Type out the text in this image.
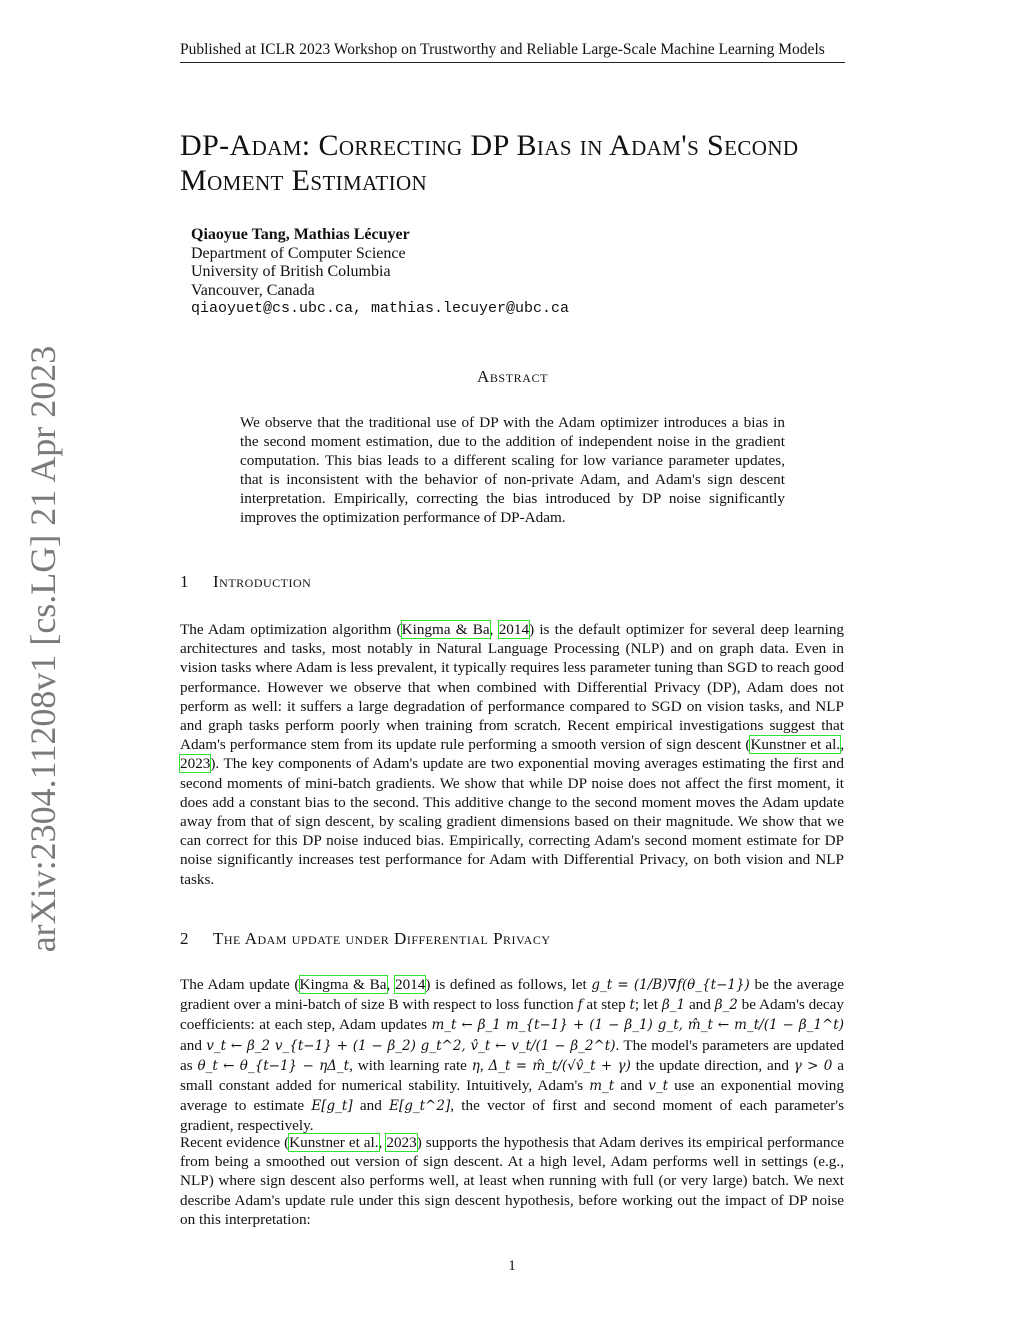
Published at ICLR 2023 Workshop on Trustworthy and Reliable Large-Scale Machine Learning Models
DP-Adam: Correcting DP Bias in Adam's Second Moment Estimation
Qiaoyue Tang, Mathias Lécuyer
Department of Computer Science
University of British Columbia
Vancouver, Canada
qiaoyuet@cs.ubc.ca, mathias.lecuyer@ubc.ca
Abstract

We observe that the traditional use of DP with the Adam optimizer introduces a bias in the second moment estimation, due to the addition of independent noise in the gradient computation. This bias leads to a different scaling for low variance parameter updates, that is inconsistent with the behavior of non-private Adam, and Adam's sign descent interpretation. Empirically, correcting the bias introduced by DP noise significantly improves the optimization performance of DP-Adam.

1 Introduction

The Adam optimization algorithm (Kingma & Ba, 2014) is the default optimizer for several deep learning architectures and tasks, most notably in Natural Language Processing (NLP) and on graph data. Even in vision tasks where Adam is less prevalent, it typically requires less parameter tuning than SGD to reach good performance. However we observe that when combined with Differential Privacy (DP), Adam does not perform as well: it suffers a large degradation of performance compared to SGD on vision tasks, and NLP and graph tasks perform poorly when training from scratch. Recent empirical investigations suggest that Adam's performance stem from its update rule performing a smooth version of sign descent (Kunstner et al., 2023). The key components of Adam's update are two exponential moving averages estimating the first and second moments of mini-batch gradients. We show that while DP noise does not affect the first moment, it does add a constant bias to the second. This additive change to the second moment moves the Adam update away from that of sign descent, by scaling gradient dimensions based on their magnitude. We show that we can correct for this DP noise induced bias. Empirically, correcting Adam's second moment estimate for DP noise significantly increases test performance for Adam with Differential Privacy, on both vision and NLP tasks.

2 The Adam update under Differential Privacy

The Adam update (Kingma & Ba, 2014) is defined as follows, let g_t = (1/B)∇f(θ_{t−1}) be the average gradient over a mini-batch of size B with respect to loss function f at step t; let β_1 and β_2 be Adam's decay coefficients: at each step, Adam updates m_t ← β_1 m_{t−1} + (1 − β_1) g_t, m̂_t ← m_t/(1 − β_1^t) and v_t ← β_2 v_{t−1} + (1 − β_2) g_t^2, v̂_t ← v_t/(1 − β_2^t). The model's parameters are updated as θ_t ← θ_{t−1} − ηΔ_t, with learning rate η, Δ_t = m̂_t/(√v̂_t + γ) the update direction, and γ > 0 a small constant added for numerical stability. Intuitively, Adam's m_t and v_t use an exponential moving average to estimate E[g_t] and E[g_t^2], the vector of first and second moment of each parameter's gradient, respectively.

Recent evidence (Kunstner et al., 2023) supports the hypothesis that Adam derives its empirical performance from being a smoothed out version of sign descent. At a high level, Adam performs well in settings (e.g., NLP) where sign descent also performs well, at least when running with full (or very large) batch. We next describe Adam's update rule under this sign descent hypothesis, before working out the impact of DP noise on this interpretation:

arXiv:2304.11208v1 [cs.LG] 21 Apr 2023
1
